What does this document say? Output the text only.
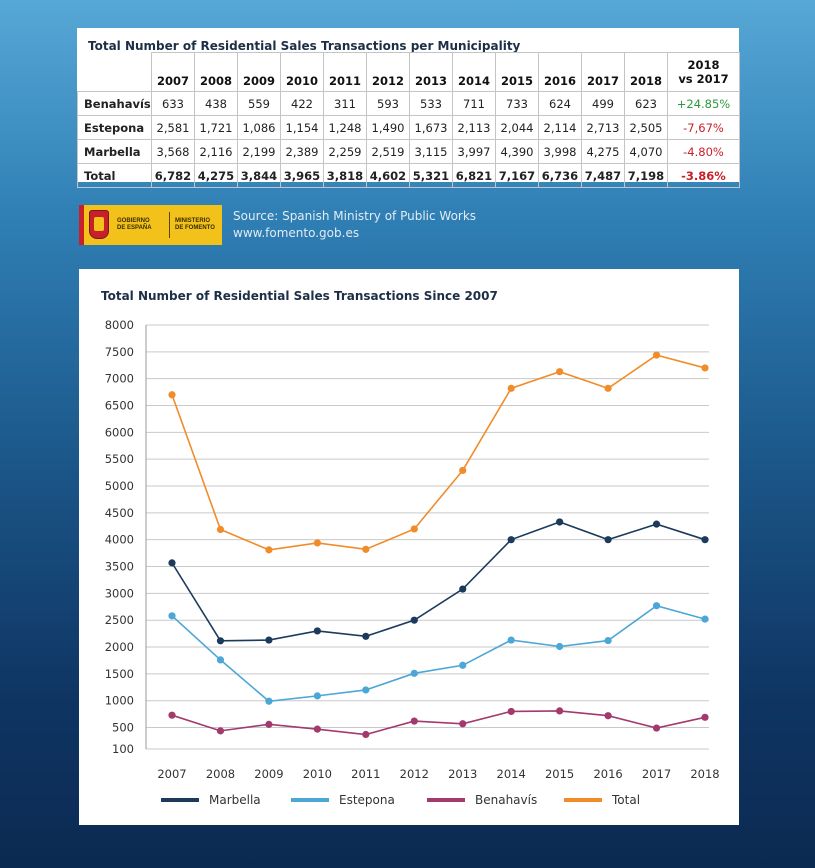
Total Number of Residential Sales Transactions per Municipality
	2007	2008	2009	2010	2011	2012	2013	2014	2015	2016	2017	2018	2018
vs 2017

Benahavís	633	438	559	422	311	593	533	711	733	624	499	623	+24.85%
Estepona	2,581	1,721	1,086	1,154	1,248	1,490	1,673	2,113	2,044	2,114	2,713	2,505	-7,67%
Marbella	3,568	2,116	2,199	2,389	2,259	2,519	3,115	3,997	4,390	3,998	4,275	4,070	-4.80%
Total	6,782	4,275	3,844	3,965	3,818	4,602	5,321	6,821	7,167	6,736	7,487	7,198	-3.86%
GOBIERNO
DE ESPAÑA
MINISTERIO
DE FOMENTO
Source: Spanish Ministry of Public Works
www.fomento.gob.es
100
500
1000
1500
2000
2500
3000
3500
4000
4500
5000
5500
6000
6500
7000
7500
8000
2007 2008 2009 2010 2011 2012 2013 2014 2015 2016 2017 2018
Marbella	Estepona	Benahavís	Total
Total Number of Residential Sales Transactions Since 2007
